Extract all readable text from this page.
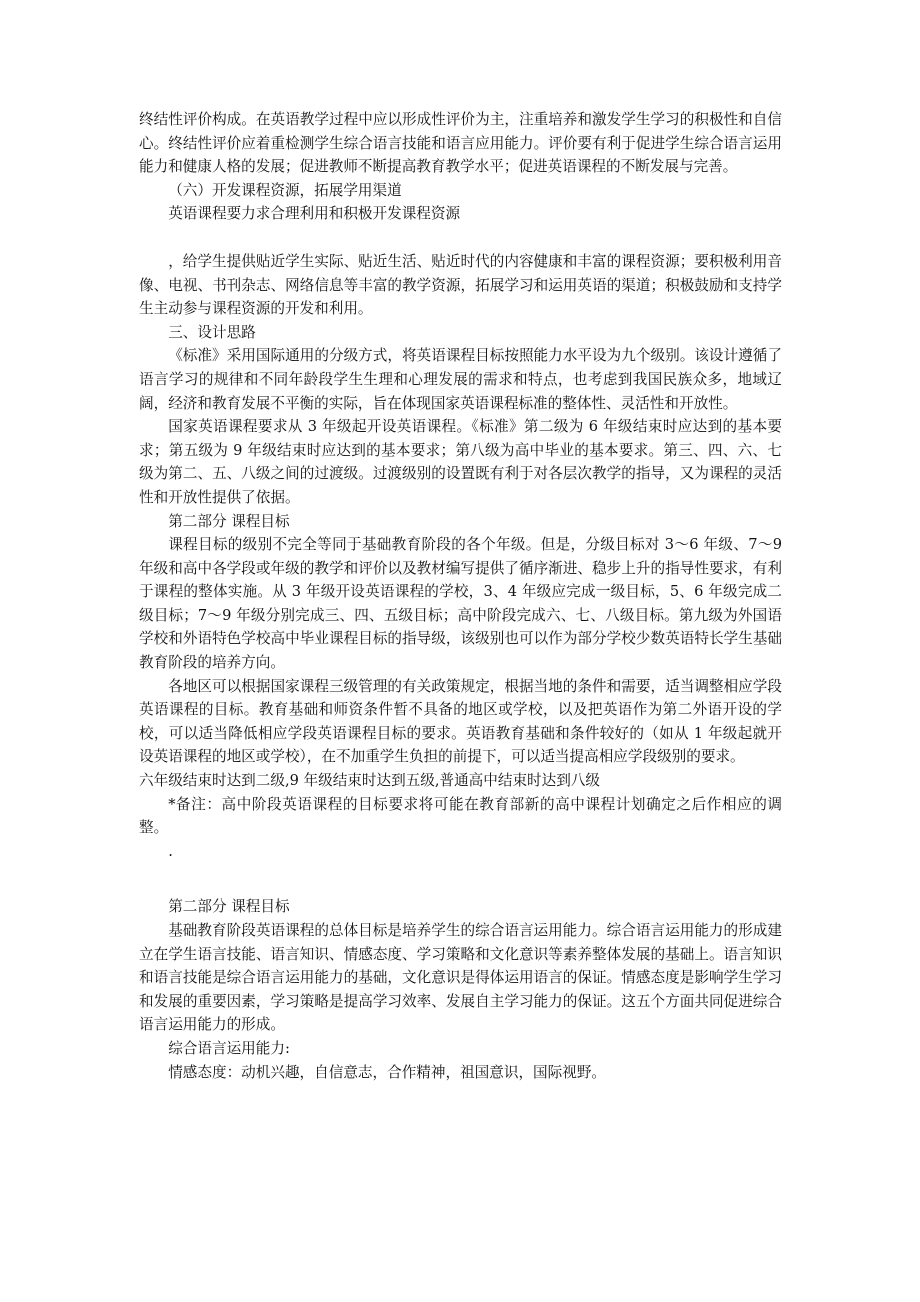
终结性评价构成。在英语教学过程中应以形成性评价为主，注重培养和激发学生学习的积极性和自信心。终结性评价应着重检测学生综合语言技能和语言应用能力。评价要有利于促进学生综合语言运用能力和健康人格的发展；促进教师不断提高教育教学水平；促进英语课程的不断发展与完善。

（六）开发课程资源，拓展学用渠道

英语课程要力求合理利用和积极开发课程资源

，给学生提供贴近学生实际、贴近生活、贴近时代的内容健康和丰富的课程资源；要积极利用音像、电视、书刊杂志、网络信息等丰富的教学资源，拓展学习和运用英语的渠道；积极鼓励和支持学生主动参与课程资源的开发和利用。

三、设计思路

《标准》采用国际通用的分级方式，将英语课程目标按照能力水平设为九个级别。该设计遵循了语言学习的规律和不同年龄段学生生理和心理发展的需求和特点，也考虑到我国民族众多，地域辽阔，经济和教育发展不平衡的实际，旨在体现国家英语课程标准的整体性、灵活性和开放性。

国家英语课程要求从 3 年级起开设英语课程。《标准》第二级为 6 年级结束时应达到的基本要求；第五级为 9 年级结束时应达到的基本要求；第八级为高中毕业的基本要求。第三、四、六、七级为第二、五、八级之间的过渡级。过渡级别的设置既有利于对各层次教学的指导，又为课程的灵活性和开放性提供了依据。

第二部分 课程目标

课程目标的级别不完全等同于基础教育阶段的各个年级。但是，分级目标对 3～6 年级、7～9 年级和高中各学段或年级的教学和评价以及教材编写提供了循序渐进、稳步上升的指导性要求，有利于课程的整体实施。从 3 年级开设英语课程的学校，3、4 年级应完成一级目标，5、6 年级完成二级目标；7～9 年级分别完成三、四、五级目标；高中阶段完成六、七、八级目标。第九级为外国语学校和外语特色学校高中毕业课程目标的指导级，该级别也可以作为部分学校少数英语特长学生基础教育阶段的培养方向。

各地区可以根据国家课程三级管理的有关政策规定，根据当地的条件和需要，适当调整相应学段英语课程的目标。教育基础和师资条件暂不具备的地区或学校，以及把英语作为第二外语开设的学校，可以适当降低相应学段英语课程目标的要求。英语教育基础和条件较好的（如从 1 年级起就开设英语课程的地区或学校），在不加重学生负担的前提下，可以适当提高相应学段级别的要求。

六年级结束时达到二级,9 年级结束时达到五级,普通高中结束时达到八级

*备注：高中阶段英语课程的目标要求将可能在教育部新的高中课程计划确定之后作相应的调整。

.

第二部分 课程目标

基础教育阶段英语课程的总体目标是培养学生的综合语言运用能力。综合语言运用能力的形成建立在学生语言技能、语言知识、情感态度、学习策略和文化意识等素养整体发展的基础上。语言知识和语言技能是综合语言运用能力的基础，文化意识是得体运用语言的保证。情感态度是影响学生学习和发展的重要因素，学习策略是提高学习效率、发展自主学习能力的保证。这五个方面共同促进综合语言运用能力的形成。

综合语言运用能力:

情感态度：动机兴趣，自信意志，合作精神，祖国意识，国际视野。
